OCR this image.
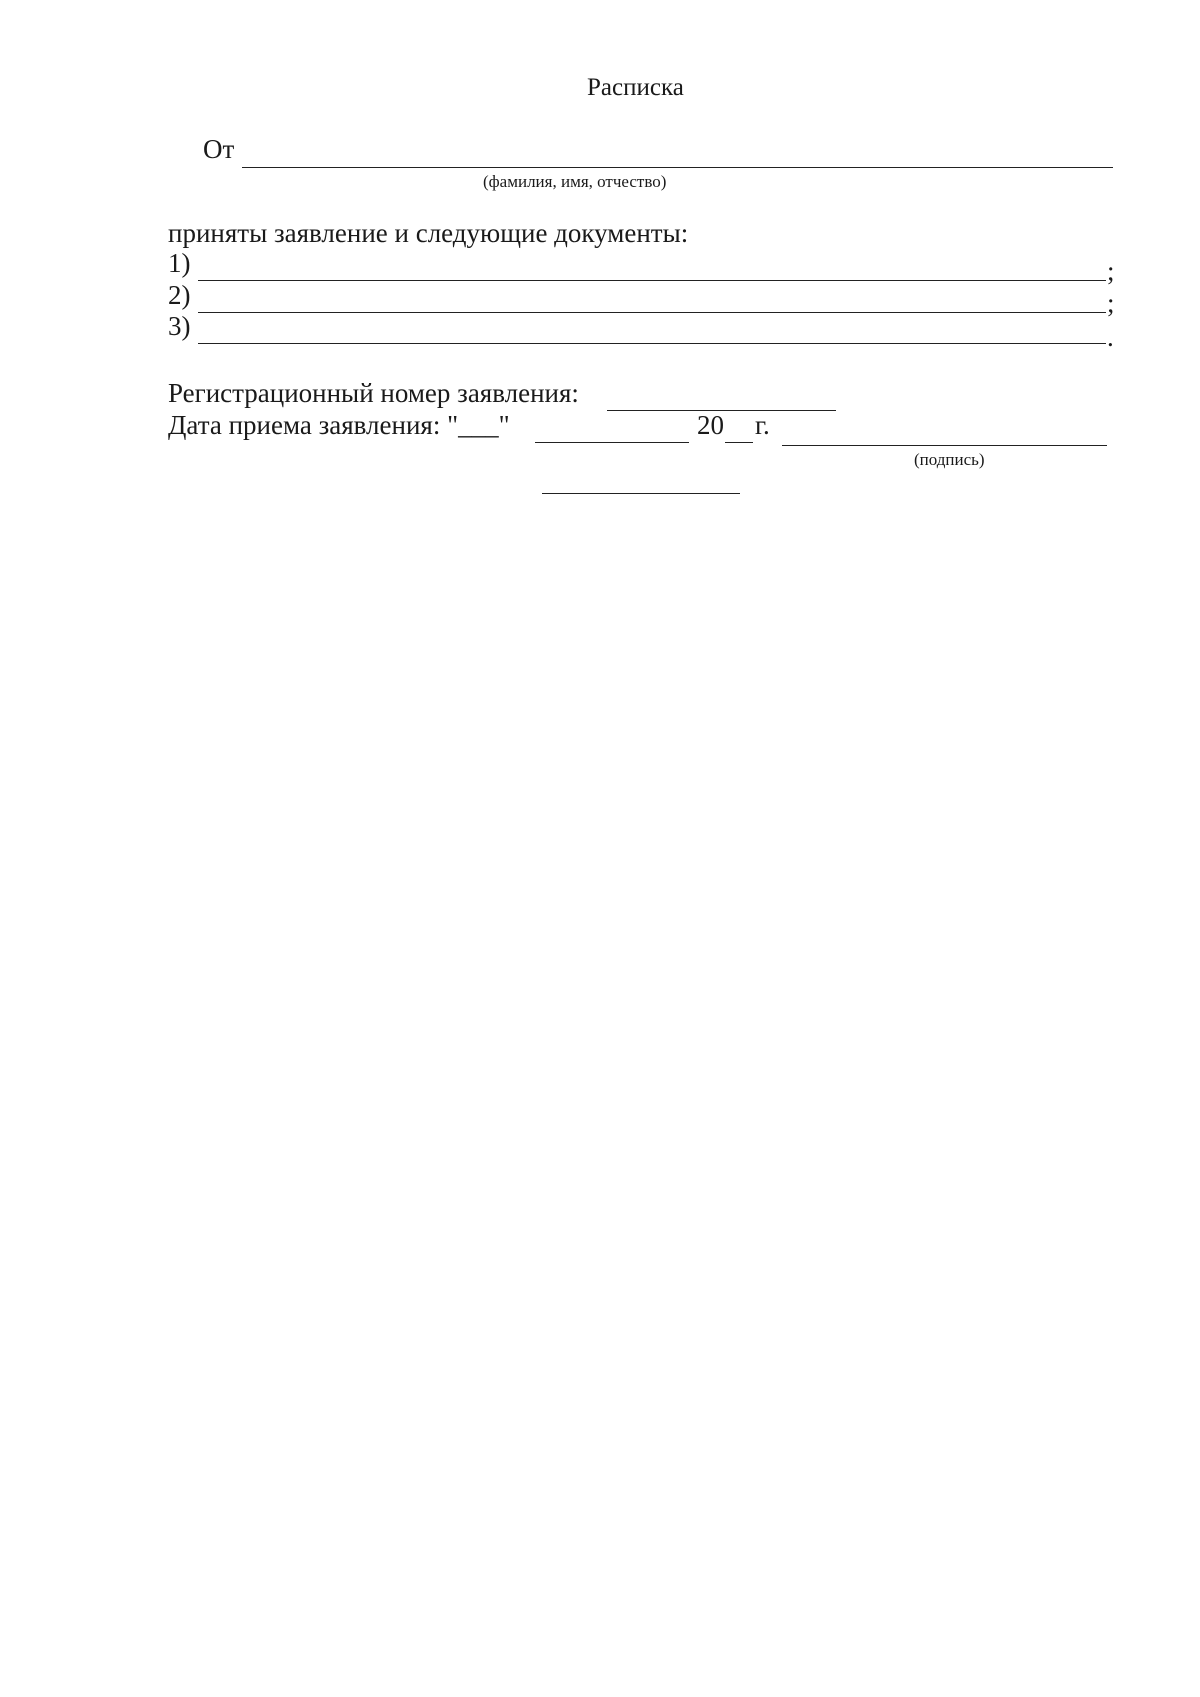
Расписка
От
(фамилия, имя, отчество)
приняты заявление и следующие документы:
1)	;
2)	;
3)	.
Регистрационный номер заявления:
Дата приема заявления: "___"	20 г.
(подпись)
